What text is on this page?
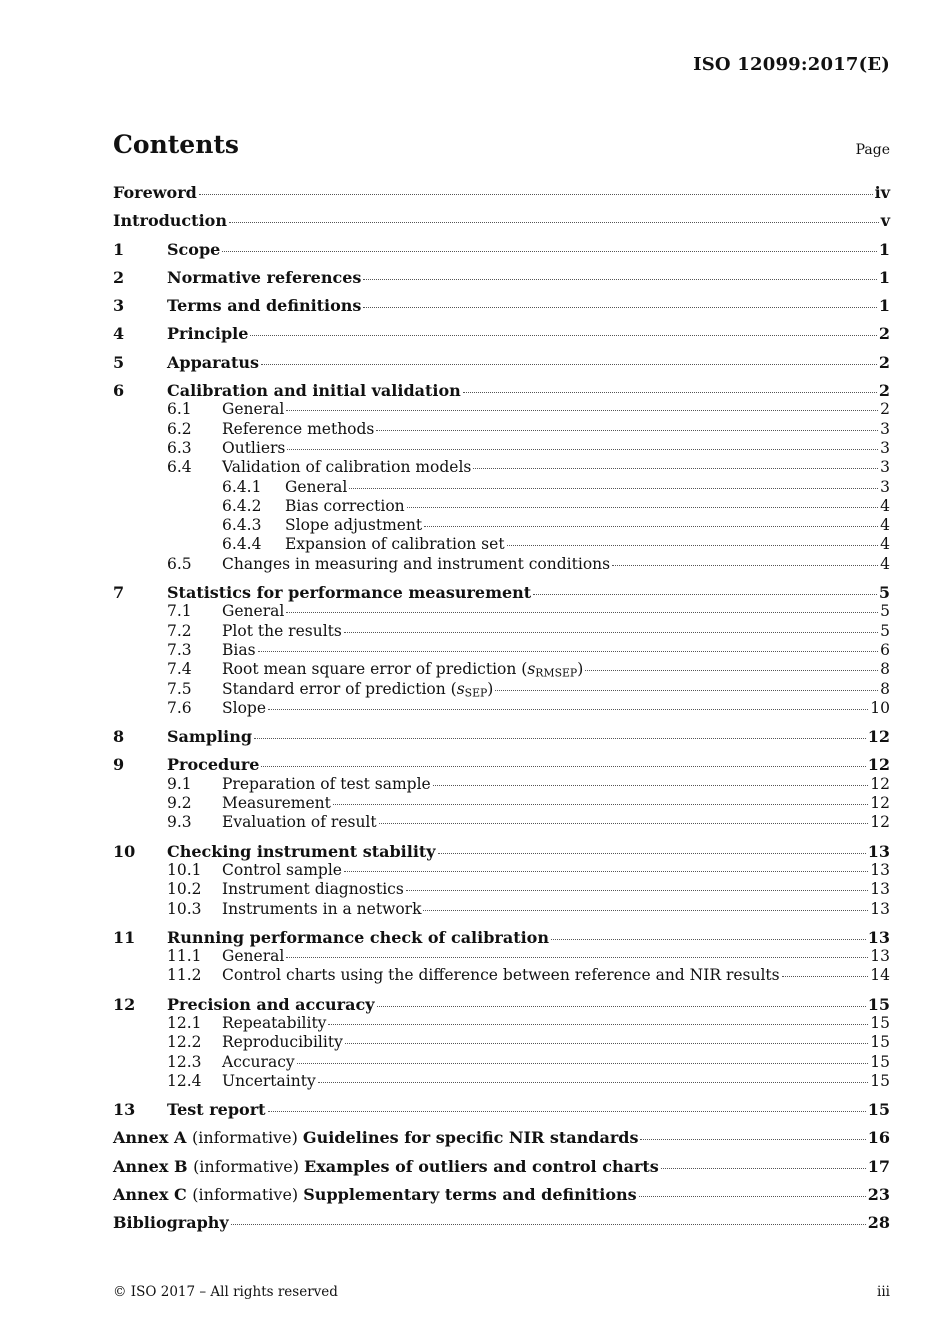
ISO 12099:2017(E)
Contents	Page
Foreword	iv
Introduction	v
1	Scope	1
2	Normative references	1
3	Terms and definitions	1
4	Principle	2
5	Apparatus	2
6	Calibration and initial validation	2
6.1	General	2
6.2	Reference methods	3
6.3	Outliers	3
6.4	Validation of calibration models	3
6.4.1	General	3
6.4.2	Bias correction	4
6.4.3	Slope adjustment	4
6.4.4	Expansion of calibration set	4
6.5	Changes in measuring and instrument conditions	4
7	Statistics for performance measurement	5
7.1	General	5
7.2	Plot the results	5
7.3	Bias	6
7.4	Root mean square error of prediction $(s_{RMSEP})$	8
7.5	Standard error of prediction $(s_{SEP})$	8
7.6	Slope	10
8	Sampling	12
9	Procedure	12
9.1	Preparation of test sample	12
9.2	Measurement	12
9.3	Evaluation of result	12
10	Checking instrument stability	13
10.1	Control sample	13
10.2	Instrument diagnostics	13
10.3	Instruments in a network	13
11	Running performance check of calibration	13
11.1	General	13
11.2	Control charts using the difference between reference and NIR results	14
12	Precision and accuracy	15
12.1	Repeatability	15
12.2	Reproducibility	15
12.3	Accuracy	15
12.4	Uncertainty	15
13	Test report	15
Annex A (informative) Guidelines for specific NIR standards	16
Annex B (informative) Examples of outliers and control charts	17
Annex C (informative) Supplementary terms and definitions	23
Bibliography	28
© ISO 2017 – All rights reserved	iii
